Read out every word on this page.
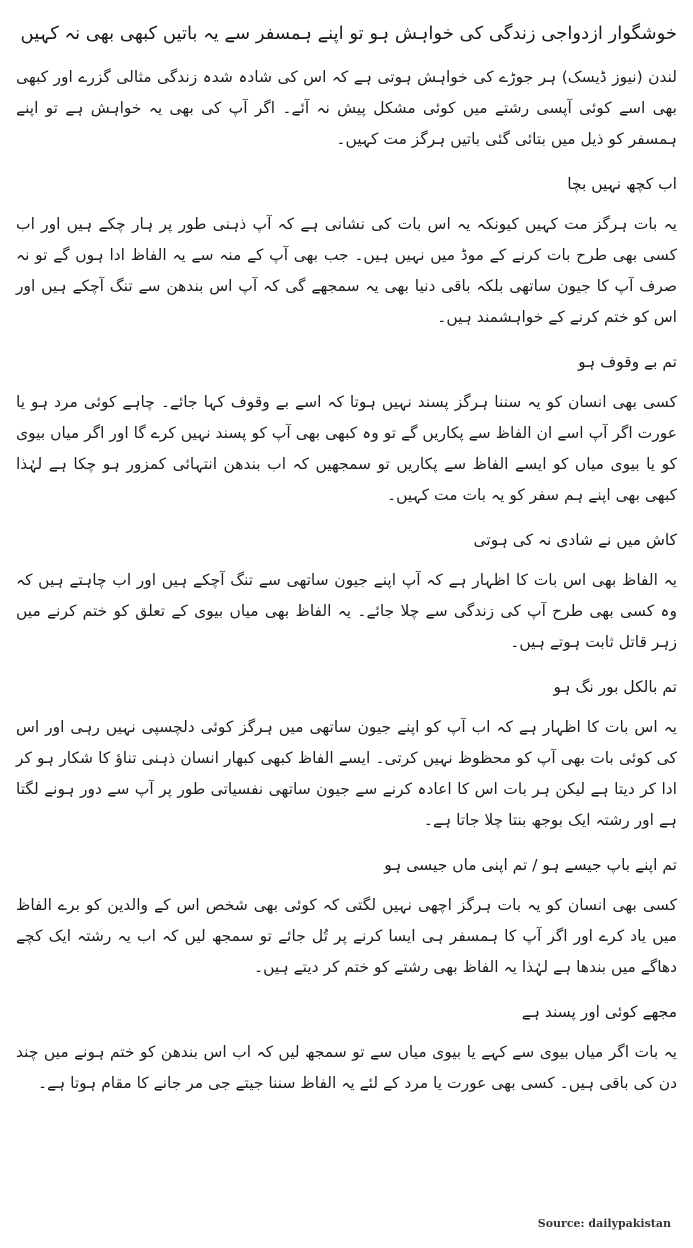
خوشگوار ازدواجی زندگی کی خواہش ہو تو اپنے ہمسفر سے یہ باتیں کبھی بھی نہ کہیں

لندن (نیوز ڈیسک) ہر جوڑے کی خواہش ہوتی ہے کہ اس کی شادہ شدہ زندگی مثالی گزرے اور کبھی بھی اسے کوئی آپسی رشتے میں کوئی مشکل پیش نہ آئے۔ اگر آپ کی بھی یہ خواہش ہے تو اپنے ہمسفر کو ذیل میں بتائی گئی باتیں ہرگز مت کہیں۔

اب کچھ نہیں بچا

یہ بات ہرگز مت کہیں کیونکہ یہ اس بات کی نشانی ہے کہ آپ ذہنی طور پر ہار چکے ہیں اور اب کسی بھی طرح بات کرنے کے موڈ میں نہیں ہیں۔ جب بھی آپ کے منہ سے یہ الفاظ ادا ہوں گے تو نہ صرف آپ کا جیون ساتھی بلکہ باقی دنیا بھی یہ سمجھے گی کہ آپ اس بندھن سے تنگ آچکے ہیں اور اس کو ختم کرنے کے خواہشمند ہیں۔

تم بے وقوف ہو

کسی بھی انسان کو یہ سننا ہرگز پسند نہیں ہوتا کہ اسے بے وقوف کہا جائے۔ چاہے کوئی مرد ہو یا عورت اگر آپ اسے ان الفاظ سے پکاریں گے تو وہ کبھی بھی آپ کو پسند نہیں کرے گا اور اگر میاں بیوی کو یا بیوی میاں کو ایسے الفاظ سے پکاریں تو سمجھیں کہ اب بندھن انتہائی کمزور ہو چکا ہے لہٰذا کبھی بھی اپنے ہم سفر کو یہ بات مت کہیں۔

کاش میں نے شادی نہ کی ہوتی

یہ الفاظ بھی اس بات کا اظہار ہے کہ آپ اپنے جیون ساتھی سے تنگ آچکے ہیں اور اب چاہتے ہیں کہ وہ کسی بھی طرح آپ کی زندگی سے چلا جائے۔ یہ الفاظ بھی میاں بیوی کے تعلق کو ختم کرنے میں زہر قاتل ثابت ہوتے ہیں۔

تم بالکل بور نگ ہو

یہ اس بات کا اظہار ہے کہ اب آپ کو اپنے جیون ساتھی میں ہرگز کوئی دلچسپی نہیں رہی اور اس کی کوئی بات بھی آپ کو محظوظ نہیں کرتی۔ ایسے الفاظ کبھی کبھار انسان ذہنی تناؤ کا شکار ہو کر ادا کر دیتا ہے لیکن ہر بات اس کا اعادہ کرنے سے جیون ساتھی نفسیاتی طور پر آپ سے دور ہونے لگتا ہے اور رشتہ ایک بوجھ بنتا چلا جاتا ہے۔

تم اپنے باپ جیسے ہو / تم اپنی ماں جیسی ہو

کسی بھی انسان کو یہ بات ہرگز اچھی نہیں لگتی کہ کوئی بھی شخص اس کے والدین کو برے الفاظ میں یاد کرے اور اگر آپ کا ہمسفر ہی ایسا کرنے پر تُل جائے تو سمجھ لیں کہ اب یہ رشتہ ایک کچے دھاگے میں بندھا ہے لہٰذا یہ الفاظ بھی رشتے کو ختم کر دیتے ہیں۔

مجھے کوئی اور پسند ہے

یہ بات اگر میاں بیوی سے کہے یا بیوی میاں سے تو سمجھ لیں کہ اب اس بندھن کو ختم ہونے میں چند دن کی باقی ہیں۔ کسی بھی عورت یا مرد کے لئے یہ الفاظ سننا جیتے جی مر جانے کا مقام ہوتا ہے۔

Source: dailypakistan
